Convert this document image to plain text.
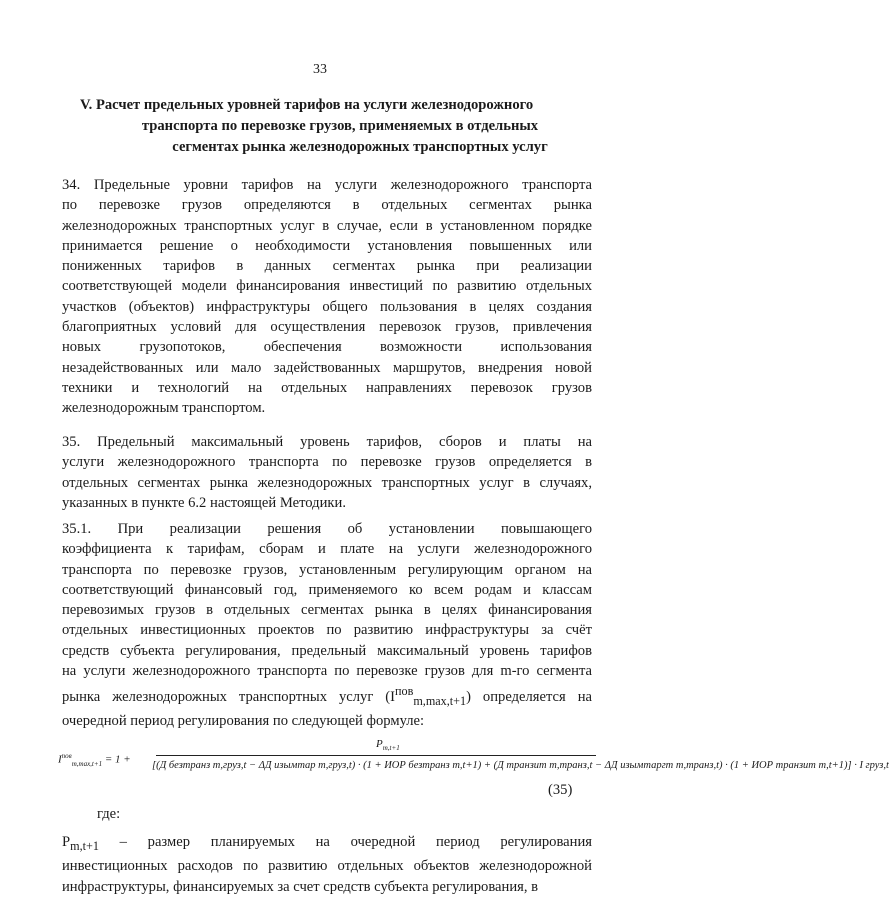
33
V. Расчет предельных уровней тарифов на услуги железнодорожного
транспорта по перевозке грузов, применяемых в отдельных
сегментах рынка железнодорожных транспортных услуг
34. Предельные уровни тарифов на услуги железнодорожного транспорта
по перевозке грузов определяются в отдельных сегментах рынка
железнодорожных транспортных услуг в случае, если в установленном порядке
принимается решение о необходимости установления повышенных или
пониженных тарифов в данных сегментах рынка при реализации
соответствующей модели финансирования инвестиций по развитию отдельных
участков (объектов) инфраструктуры общего пользования в целях создания
благоприятных условий для осуществления перевозок грузов, привлечения
новых грузопотоков, обеспечения возможности использования
незадействованных или мало задействованных маршрутов, внедрения новой
техники и технологий на отдельных направлениях перевозок грузов
железнодорожным транспортом.
35. Предельный максимальный уровень тарифов, сборов и платы на
услуги железнодорожного транспорта по перевозке грузов определяется в
отдельных сегментах рынка железнодорожных транспортных услуг в случаях,
указанных в пункте 6.2 настоящей Методики.
35.1. При реализации решения об установлении повышающего
коэффициента к тарифам, сборам и плате на услуги железнодорожного
транспорта по перевозке грузов, установленным регулирующим органом на
соответствующий финансовый год, применяемого ко всем родам и классам
перевозимых грузов в отдельных сегментах рынка в целях финансирования
отдельных инвестиционных проектов по развитию инфраструктуры за счёт
средств субъекта регулирования, предельный максимальный уровень тарифов
на услуги железнодорожного транспорта по перевозке грузов для m-го сегмента
рынка железнодорожных транспортных услуг $(I^{пов}_{m,max,t+1})$ определяется на
очередной период регулирования по следующей формуле:
$I^{пов}_{m,max,t+1} = 1$ +
$P_{m,t+1}$
[(Д безтранз m,груз,t − ΔД изымтар m,груз,t) · (1 + ИОР безтранз m,t+1) + (Д транзит m,транз,t − ΔД изымтаргт m,транз,t) · (1 + ИОР транзит m,t+1)] · I груз,t
(35)
где:
$Р_{m,t+1}$ – размер планируемых на очередной период регулирования
инвестиционных расходов по развитию отдельных объектов железнодорожной
инфраструктуры, финансируемых за счет средств субъекта регулирования, в
